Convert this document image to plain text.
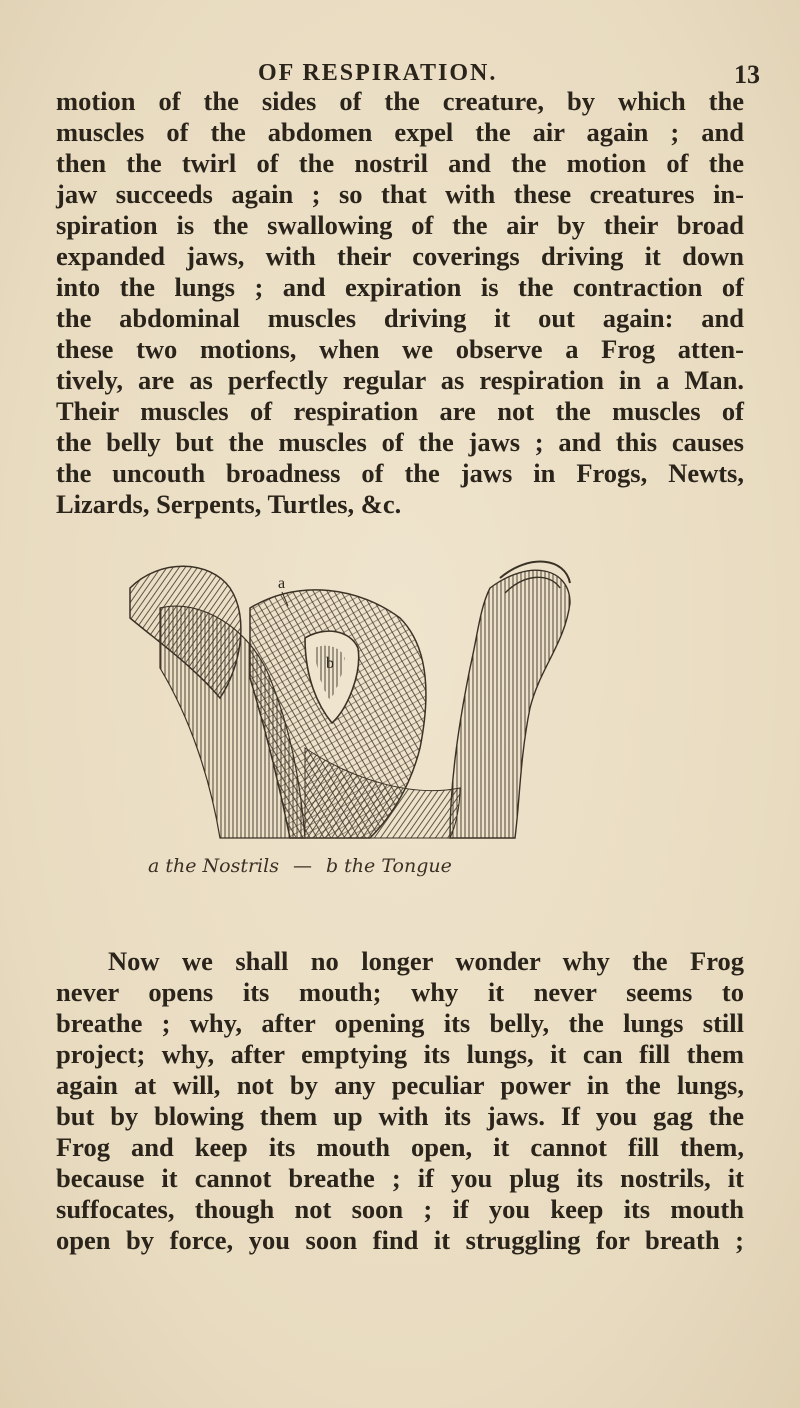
OF RESPIRATION.	13
motion of the sides of the creature, by which the
muscles of the abdomen expel the air again ; and
then the twirl of the nostril and the motion of the
jaw succeeds again ; so that with these creatures in-
spiration is the swallowing of the air by their broad
expanded jaws, with their coverings driving it down
into the lungs ; and expiration is the contraction of
the abdominal muscles driving it out again: and
these two motions, when we observe a Frog atten-
tively, are as perfectly regular as respiration in a Man.
Their muscles of respiration are not the muscles of
the belly but the muscles of the jaws ; and this causes
the uncouth broadness of the jaws in Frogs, Newts,
Lizards, Serpents, Turtles, &c.
a
b
a the Nostrils — b the Tongue
Now we shall no longer wonder why the Frog
never opens its mouth; why it never seems to
breathe ; why, after opening its belly, the lungs still
project; why, after emptying its lungs, it can fill them
again at will, not by any peculiar power in the lungs,
but by blowing them up with its jaws. If you gag the
Frog and keep its mouth open, it cannot fill them,
because it cannot breathe ; if you plug its nostrils, it
suffocates, though not soon ; if you keep its mouth
open by force, you soon find it struggling for breath ;
